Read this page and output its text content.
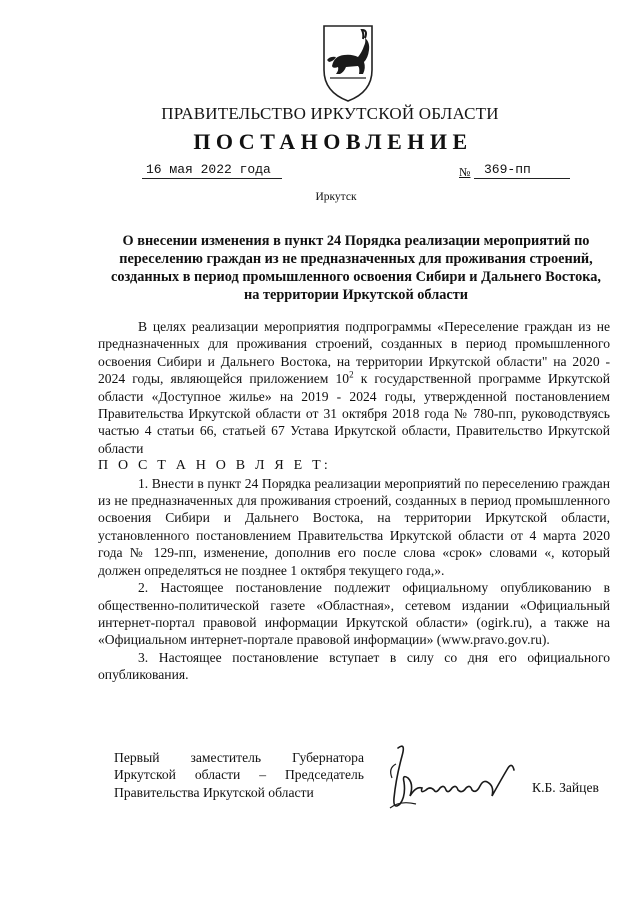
ПРАВИТЕЛЬСТВО ИРКУТСКОЙ ОБЛАСТИ
ПОСТАНОВЛЕНИЕ
16 мая 2022 года	№	369-пп
Иркутск
О внесении изменения в пункт 24 Порядка реализации мероприятий по переселению граждан из не предназначенных для проживания строений, созданных в период промышленного освоения Сибири и Дальнего Востока, на территории Иркутской области

В целях реализации мероприятия подпрограммы «Переселение граждан из не предназначенных для проживания строений, созданных в период промышленного освоения Сибири и Дальнего Востока, на территории Иркутской области" на 2020 - 2024 годы, являющейся приложением $10^2$ к государственной программе Иркутской области «Доступное жилье» на 2019 - 2024 годы, утвержденной постановлением Правительства Иркутской области от 31 октября 2018 года № 780-пп, руководствуясь частью 4 статьи 66, статьей 67 Устава Иркутской области, Правительство Иркутской области

П О С Т А Н О В Л Я Е Т:

1. Внести в пункт 24 Порядка реализации мероприятий по переселению граждан из не предназначенных для проживания строений, созданных в период промышленного освоения Сибири и Дальнего Востока, на территории Иркутской области, установленного постановлением Правительства Иркутской области от 4 марта 2020 года № 129-пп, изменение, дополнив его после слова «срок» словами «, который должен определяться не позднее 1 октября текущего года,».

2. Настоящее постановление подлежит официальному опубликованию в общественно-политической газете «Областная», сетевом издании «Официальный интернет-портал правовой информации Иркутской области» (ogirk.ru), а также на «Официальном интернет-портале правовой информации» (www.pravo.gov.ru).

3. Настоящее постановление вступает в силу со дня его официального опубликования.

Первый заместитель Губернатора
Иркутской области – Председатель
Правительства Иркутской области	К.Б. Зайцев
